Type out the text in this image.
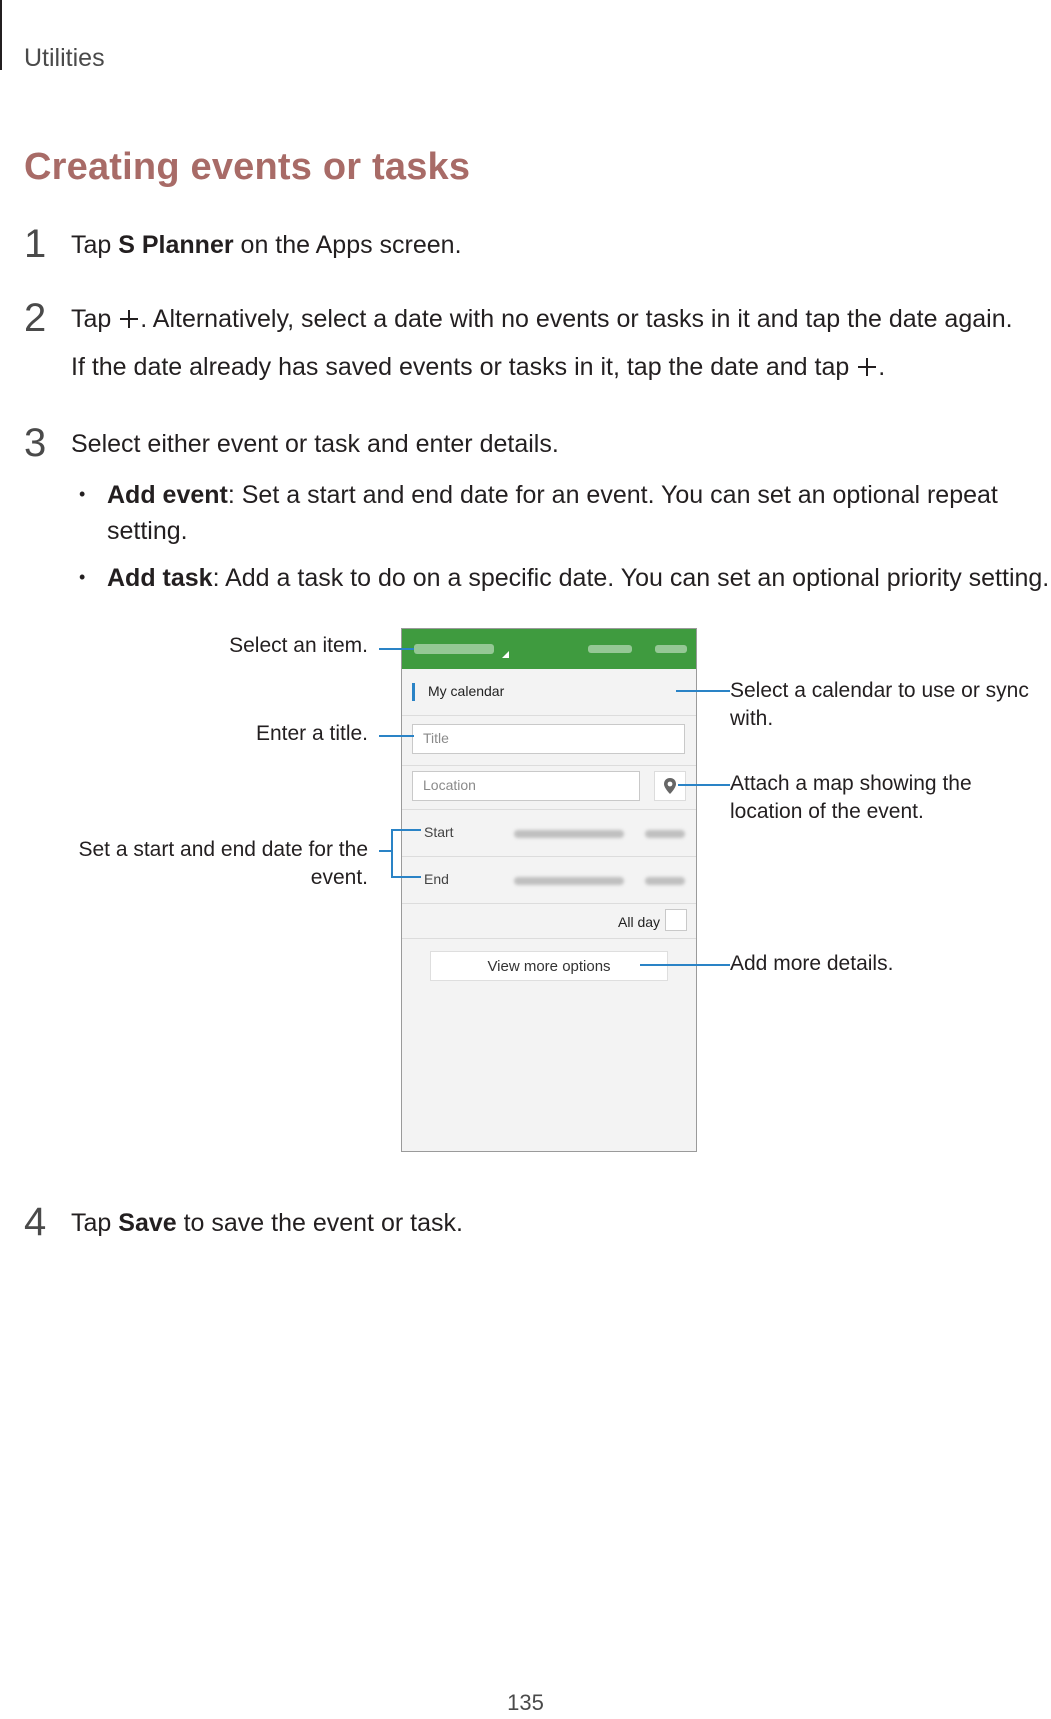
Utilities
Creating events or tasks
1 Tap S Planner on the Apps screen.
2 Tap . Alternatively, select a date with no events or tasks in it and tap the date again.
If the date already has saved events or tasks in it, tap the date and tap .
3 Select either event or task and enter details.
• Add event: Set a start and end date for an event. You can set an optional repeat setting.
• Add task: Add a task to do on a specific date. You can set an optional priority setting.
My calendar
Title
Location
Start
End
All day
View more options
Select an item.
Enter a title.
Set a start and end date for the
event.
Select a calendar to use or sync
with.
Attach a map showing the
location of the event.
Add more details.
4 Tap Save to save the event or task.
135
